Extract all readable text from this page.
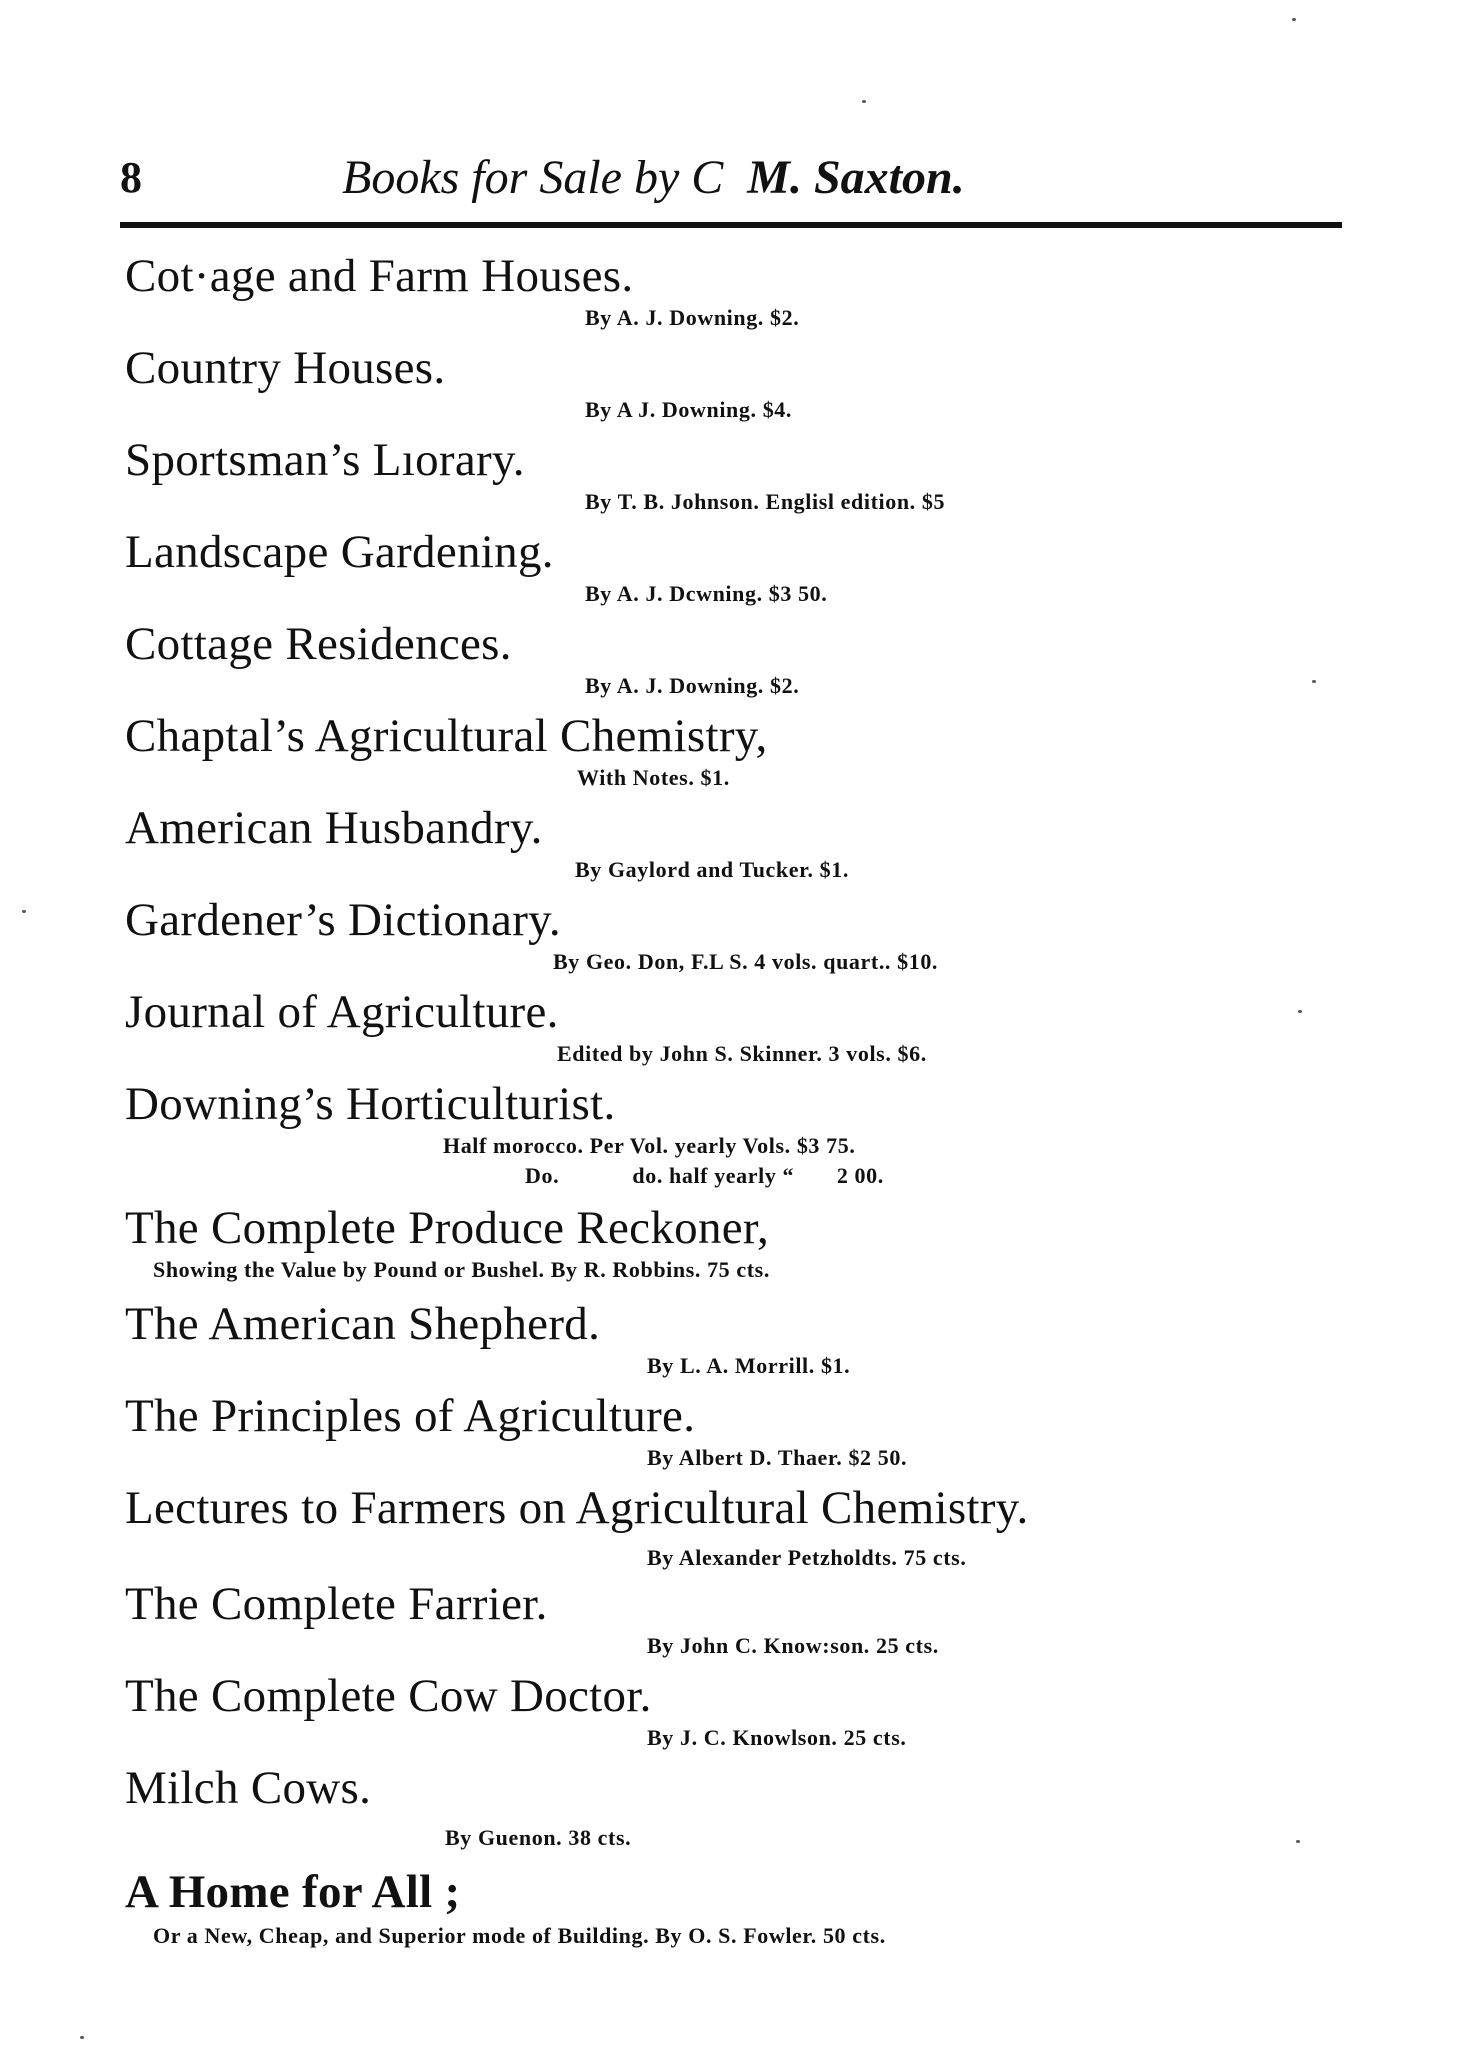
8	Books for Sale by C M. Saxton.
Cot·age and Farm Houses.
By A. J. Downing. $2.
Country Houses.
By A J. Downing. $4.
Sportsman’s Lıorary.
By T. B. Johnson. Englisl edition. $5
Landscape Gardening.
By A. J. Dcwning. $3 50.
Cottage Residences.
By A. J. Downing. $2.
Chaptal’s Agricultural Chemistry,
With Notes. $1.
American Husbandry.
By Gaylord and Tucker. $1.
Gardener’s Dictionary.
By Geo. Don, F.L S. 4 vols. quart.. $10.
Journal of Agriculture.
Edited by John S. Skinner. 3 vols. $6.
Downing’s Horticulturist.
Half morocco. Per Vol. yearly Vols. $3 75.
Do.            do. half yearly “       2 00.
The Complete Produce Reckoner,
Showing the Value by Pound or Bushel. By R. Robbins. 75 cts.
The American Shepherd.
By L. A. Morrill. $1.
The Principles of Agriculture.
By Albert D. Thaer. $2 50.
Lectures to Farmers on Agricultural Chemistry.
By Alexander Petzholdts. 75 cts.
The Complete Farrier.
By John C. Know:son. 25 cts.
The Complete Cow Doctor.
By J. C. Knowlson. 25 cts.
Milch Cows.
By Guenon. 38 cts.
A Home for All ;
Or a New, Cheap, and Superior mode of Building. By O. S. Fowler. 50 cts.
